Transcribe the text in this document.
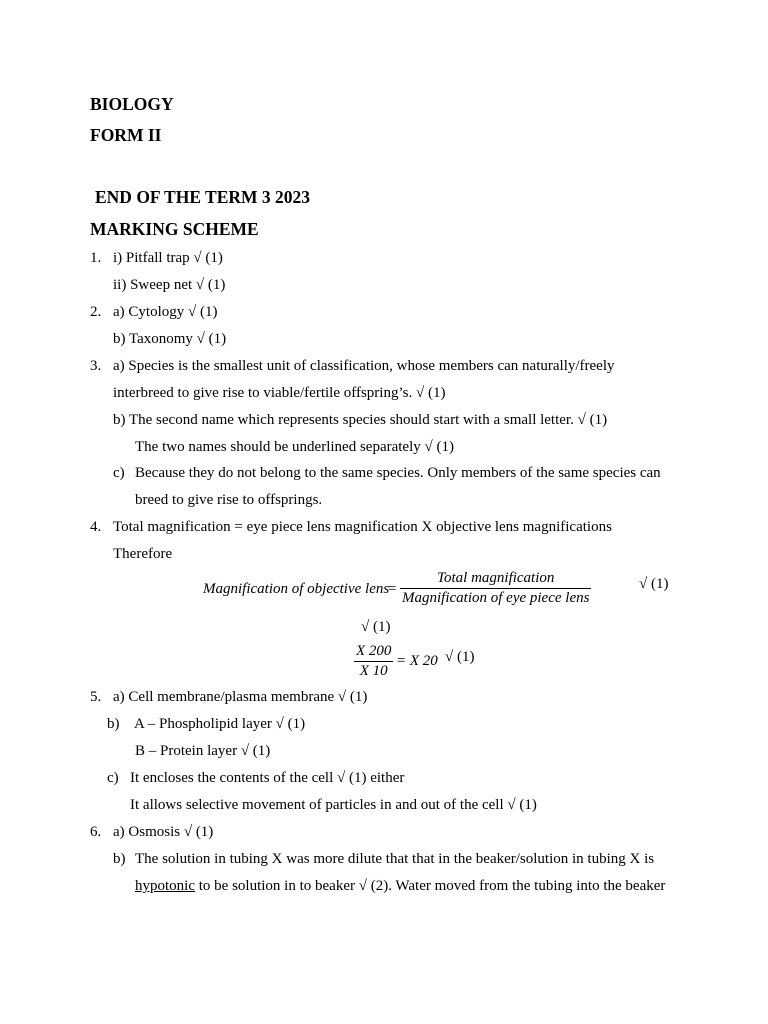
BIOLOGY
FORM II
END OF THE TERM 3 2023
MARKING SCHEME
1. i) Pitfall trap √ (1)
ii) Sweep net √ (1)
2. a) Cytology √ (1)
b) Taxonomy √ (1)
3. a) Species is the smallest unit of classification, whose members can naturally/freely
interbreed to give rise to viable/fertile offspring’s. √ (1)
b) The second name which represents species should start with a small letter. √ (1)
The two names should be underlined separately √ (1)
c) Because they do not belong to the same species. Only members of the same species can
breed to give rise to offsprings.
4. Total magnification = eye piece lens magnification X objective lens magnifications
Therefore
Magnification of objective lens
=
Total magnification
Magnification of eye piece lens
√ (1)
√ (1)
$\frac{X 200}{X 10} = X$ 20 √ (1)
5. a) Cell membrane/plasma membrane √ (1)
b) A – Phospholipid layer √ (1)
B – Protein layer √ (1)
c) It encloses the contents of the cell √ (1) either
It allows selective movement of particles in and out of the cell √ (1)
6. a) Osmosis √ (1)
b) The solution in tubing X was more dilute that that in the beaker/solution in tubing X is
hypotonic to be solution in to beaker √ (2). Water moved from the tubing into the beaker
